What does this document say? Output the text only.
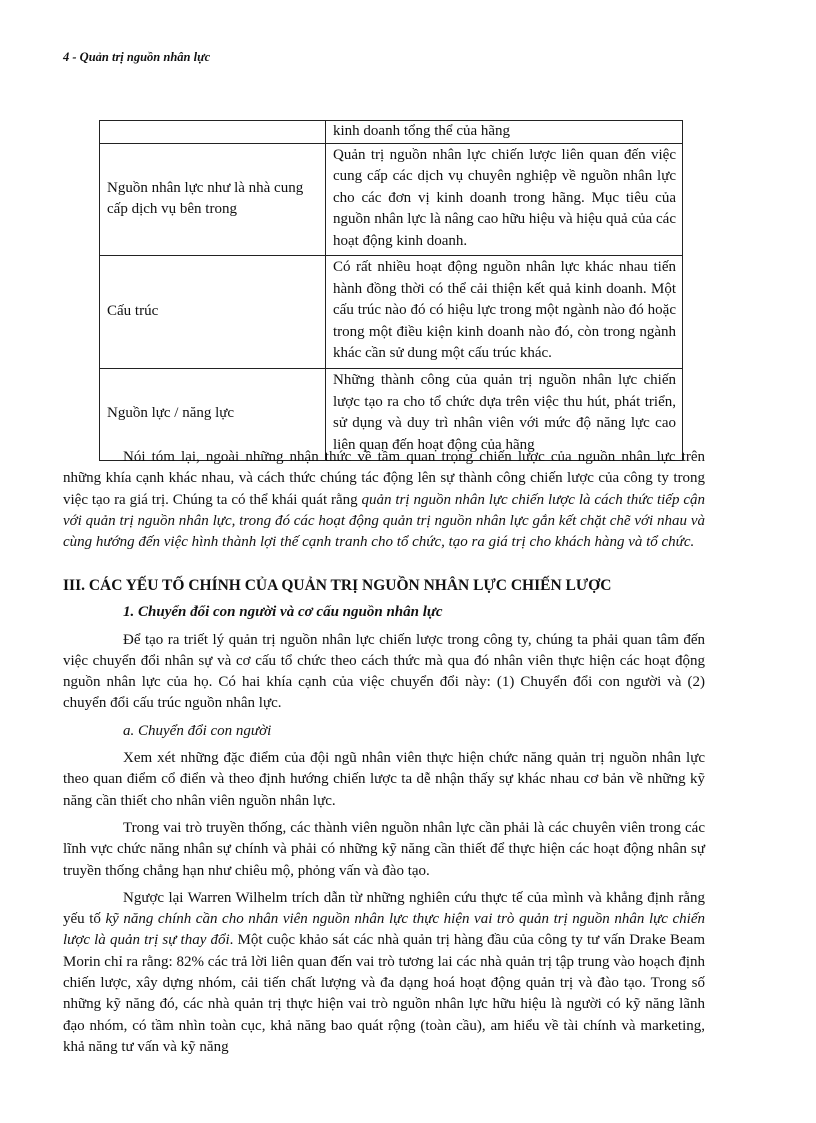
4 - Quản trị nguồn nhân lực
	kinh doanh tổng thể của hãng
Nguồn nhân lực như là nhà cung cấp dịch vụ bên trong	Quản trị nguồn nhân lực chiến lược liên quan đến việc cung cấp các dịch vụ chuyên nghiệp về nguồn nhân lực cho các đơn vị kinh doanh trong hãng. Mục tiêu của nguồn nhân lực là nâng cao hữu hiệu và hiệu quả của các hoạt động kinh doanh.
Cấu trúc	Có rất nhiều hoạt động nguồn nhân lực khác nhau tiến hành đồng thời có thể cải thiện kết quả kinh doanh. Một cấu trúc nào đó có hiệu lực trong một ngành nào đó hoặc trong một điều kiện kinh doanh nào đó, còn trong ngành khác cần sử dung một cấu trúc khác.
Nguồn lực / năng lực	Những thành công của quản trị nguồn nhân lực chiến lược tạo ra cho tổ chức dựa trên việc thu hút, phát triển, sử dụng và duy trì nhân viên với mức độ năng lực cao liên quan đến hoạt động của hãng

Nói tóm lại, ngoài những nhận thức về tầm quan trọng chiến lược của nguồn nhân lực trên những khía cạnh khác nhau, và cách thức chúng tác động lên sự thành công chiến lược của công ty trong việc tạo ra giá trị. Chúng ta có thể khái quát rằng quản trị nguồn nhân lực chiến lược là cách thức tiếp cận với quản trị nguồn nhân lực, trong đó các hoạt động quản trị nguồn nhân lực gắn kết chặt chẽ với nhau và cùng hướng đến việc hình thành lợi thế cạnh tranh cho tổ chức, tạo ra giá trị cho khách hàng và tổ chức.

III. CÁC YẾU TỐ CHÍNH CỦA QUẢN TRỊ NGUỒN NHÂN LỰC CHIẾN LƯỢC

1. Chuyển đổi con người và cơ cấu nguồn nhân lực

Để tạo ra triết lý quản trị nguồn nhân lực chiến lược trong công ty, chúng ta phải quan tâm đến việc chuyển đổi nhân sự và cơ cấu tổ chức theo cách thức mà qua đó nhân viên thực hiện các hoạt động nguồn nhân lực của họ. Có hai khía cạnh của việc chuyển đổi này: (1) Chuyển đổi con người và (2) chuyển đổi cấu trúc nguồn nhân lực.

a. Chuyển đổi con người

Xem xét những đặc điểm của đội ngũ nhân viên thực hiện chức năng quản trị nguồn nhân lực theo quan điểm cổ điển và theo định hướng chiến lược ta dễ nhận thấy sự khác nhau cơ bản về những kỹ năng cần thiết cho nhân viên nguồn nhân lực.

Trong vai trò truyền thống, các thành viên nguồn nhân lực cần phải là các chuyên viên trong các lĩnh vực chức năng nhân sự chính và phải có những kỹ năng cần thiết để thực hiện các hoạt động nhân sự truyền thống chẳng hạn như chiêu mộ, phỏng vấn và đào tạo.

Ngược lại Warren Wilhelm trích dẫn từ những nghiên cứu thực tế của mình và khẳng định rằng yếu tố kỹ năng chính cần cho nhân viên nguồn nhân lực thực hiện vai trò quản trị nguồn nhân lực chiến lược là quản trị sự thay đổi. Một cuộc khảo sát các nhà quản trị hàng đầu của công ty tư vấn Drake Beam Morin chỉ ra rằng: 82% các trả lời liên quan đến vai trò tương lai các nhà quản trị tập trung vào hoạch định chiến lược, xây dựng nhóm, cải tiến chất lượng và đa dạng hoá hoạt động quản trị và đào tạo. Trong số những kỹ năng đó, các nhà quản trị thực hiện vai trò nguồn nhân lực hữu hiệu là người có kỹ năng lãnh đạo nhóm, có tầm nhìn toàn cục, khả năng bao quát rộng (toàn cầu), am hiểu về tài chính và marketing, khả năng tư vấn và kỹ năng
